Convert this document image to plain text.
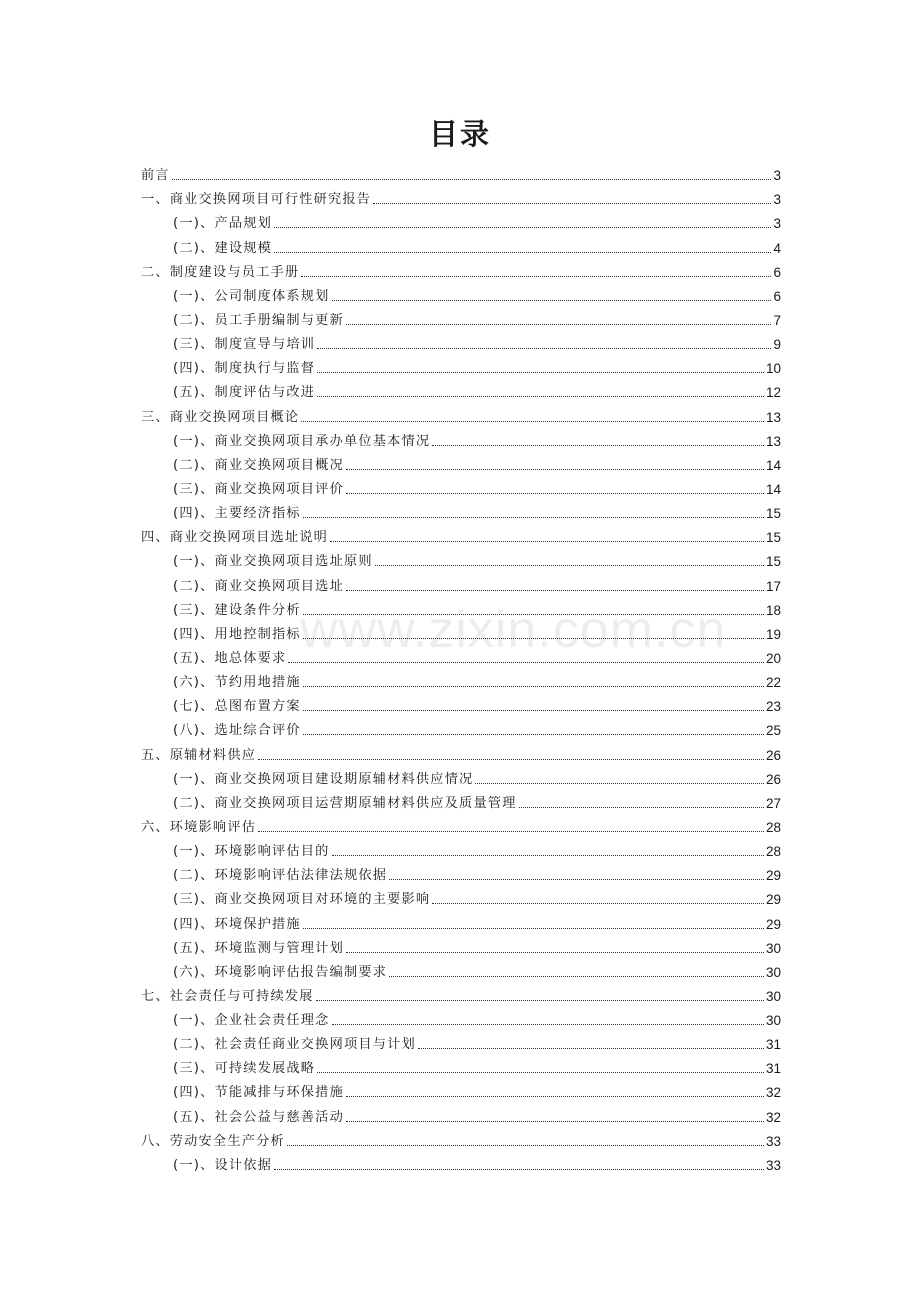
目录
www.zixin.com.cn
前言	3
一、商业交换网项目可行性研究报告	3
(一)、产品规划	3
(二)、建设规模	4
二、制度建设与员工手册	6
(一)、公司制度体系规划	6
(二)、员工手册编制与更新	7
(三)、制度宣导与培训	9
(四)、制度执行与监督	10
(五)、制度评估与改进	12
三、商业交换网项目概论	13
(一)、商业交换网项目承办单位基本情况	13
(二)、商业交换网项目概况	14
(三)、商业交换网项目评价	14
(四)、主要经济指标	15
四、商业交换网项目选址说明	15
(一)、商业交换网项目选址原则	15
(二)、商业交换网项目选址	17
(三)、建设条件分析	18
(四)、用地控制指标	19
(五)、地总体要求	20
(六)、节约用地措施	22
(七)、总图布置方案	23
(八)、选址综合评价	25
五、原辅材料供应	26
(一)、商业交换网项目建设期原辅材料供应情况	26
(二)、商业交换网项目运营期原辅材料供应及质量管理	27
六、环境影响评估	28
(一)、环境影响评估目的	28
(二)、环境影响评估法律法规依据	29
(三)、商业交换网项目对环境的主要影响	29
(四)、环境保护措施	29
(五)、环境监测与管理计划	30
(六)、环境影响评估报告编制要求	30
七、社会责任与可持续发展	30
(一)、企业社会责任理念	30
(二)、社会责任商业交换网项目与计划	31
(三)、可持续发展战略	31
(四)、节能减排与环保措施	32
(五)、社会公益与慈善活动	32
八、劳动安全生产分析	33
(一)、设计依据	33
